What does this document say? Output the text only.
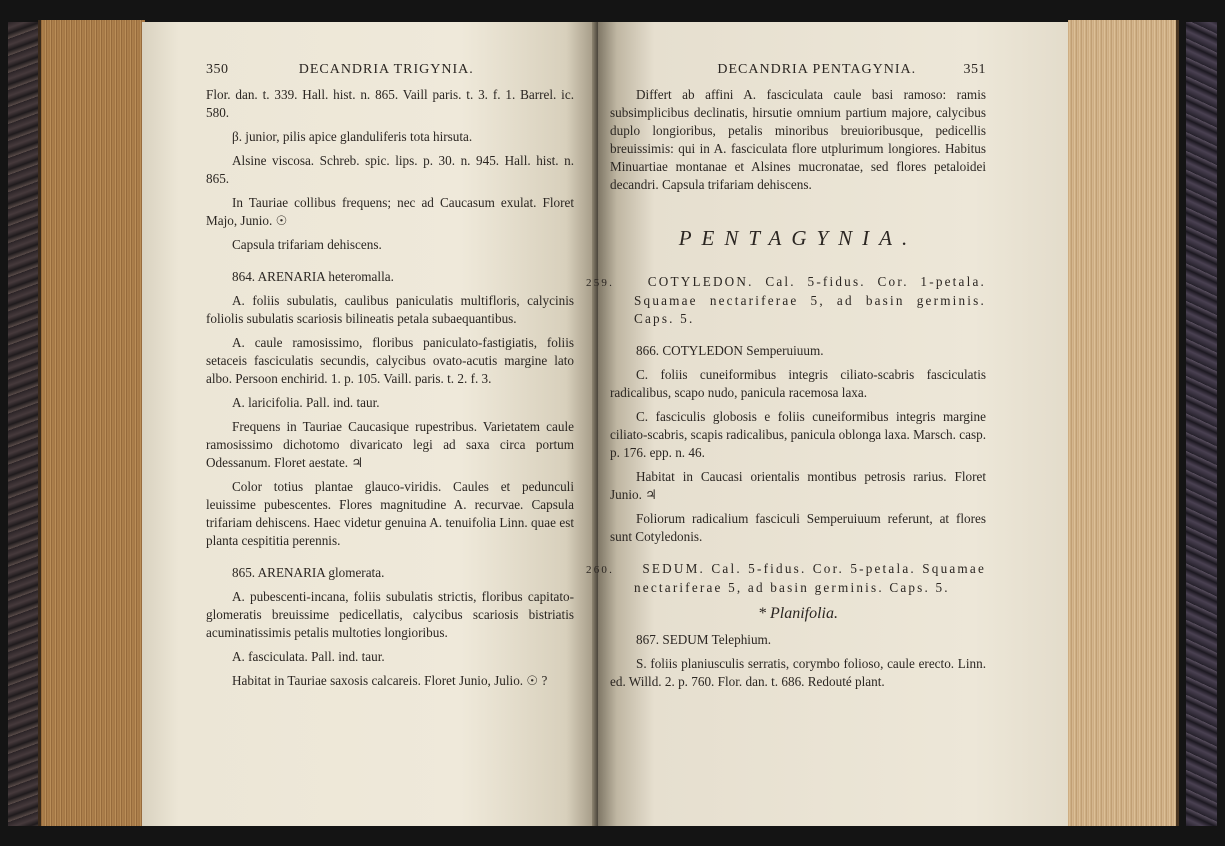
350	DECANDRIA TRIGYNIA.

Flor. dan. t. 339. Hall. hist. n. 865. Vaill paris. t. 3. f. 1. Barrel. ic. 580.

β. junior, pilis apice glanduliferis tota hirsuta.

Alsine viscosa. Schreb. spic. lips. p. 30. n. 945. Hall. hist. n. 865.

In Tauriae collibus frequens; nec ad Caucasum exulat. Floret Majo, Junio. ☉

Capsula trifariam dehiscens.

864. ARENARIA heteromalla.

A. foliis subulatis, caulibus paniculatis multifloris, calycinis foliolis subulatis scariosis bilineatis petala subaequantibus.

A. caule ramosissimo, floribus paniculato-fastigiatis, foliis setaceis fasciculatis secundis, calycibus ovato-acutis margine lato albo. Persoon enchirid. 1. p. 105. Vaill. paris. t. 2. f. 3.

A. laricifolia. Pall. ind. taur.

Frequens in Tauriae Caucasique rupestribus. Varietatem caule ramosissimo dichotomo divaricato legi ad saxa circa portum Odessanum. Floret aestate. ♃

Color totius plantae glauco-viridis. Caules et pedunculi leuissime pubescentes. Flores magnitudine A. recurvae. Capsula trifariam dehiscens. Haec videtur genuina A. tenuifolia Linn. quae est planta cespititia perennis.

865. ARENARIA glomerata.

A. pubescenti-incana, foliis subulatis strictis, floribus capitato-glomeratis breuissime pedicellatis, calycibus scariosis bistriatis acuminatissimis petalis multoties longioribus.

A. fasciculata. Pall. ind. taur.

Habitat in Tauriae saxosis calcareis. Floret Junio, Julio. ☉ ?

DECANDRIA PENTAGYNIA.	351

Differt ab affini A. fasciculata caule basi ramoso: ramis subsimplicibus declinatis, hirsutie omnium partium majore, calycibus duplo longioribus, petalis minoribus breuioribusque, pedicellis breuissimis: qui in A. fasciculata flore utplurimum longiores. Habitus Minuartiae montanae et Alsines mucronatae, sed flores petaloidei decandri. Capsula trifariam dehiscens.

PENTAGYNIA.

259.	COTYLEDON. Cal. 5-fidus. Cor. 1-petala. Squamae nectariferae 5, ad basin germinis. Caps. 5.

866. COTYLEDON Semperuiuum.

C. foliis cuneiformibus integris ciliato-scabris fasciculatis radicalibus, scapo nudo, panicula racemosa laxa.

C. fasciculis globosis e foliis cuneiformibus integris margine ciliato-scabris, scapis radicalibus, panicula oblonga laxa. Marsch. casp. p. 176. epp. n. 46.

Habitat in Caucasi orientalis montibus petrosis rarius. Floret Junio. ♃

Foliorum radicalium fasciculi Semperuiuum referunt, at flores sunt Cotyledonis.

260. SEDUM. Cal. 5-fidus. Cor. 5-petala. Squamae nectariferae 5, ad basin germinis. Caps. 5.

* Planifolia.

867. SEDUM Telephium.

S. foliis planiusculis serratis, corymbo folioso, caule erecto. Linn. ed. Willd. 2. p. 760. Flor. dan. t. 686. Redouté plant.
